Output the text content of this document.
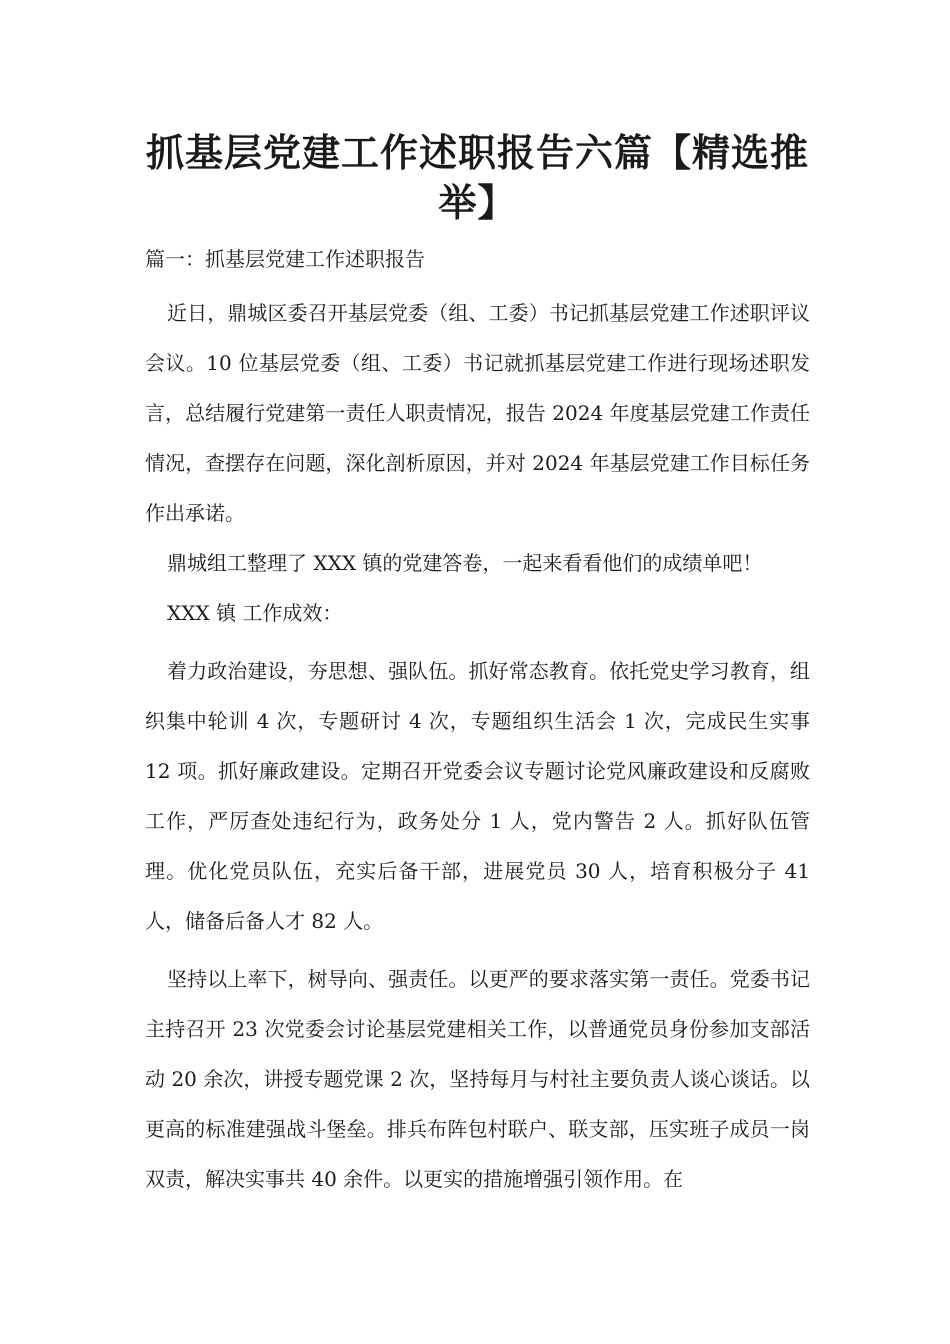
抓基层党建工作述职报告六篇【精选推举】

篇一：抓基层党建工作述职报告

近日，鼎城区委召开基层党委（组、工委）书记抓基层党建工作述职评议会议。10 位基层党委（组、工委）书记就抓基层党建工作进行现场述职发言，总结履行党建第一责任人职责情况，报告 2024 年度基层党建工作责任情况，查摆存在问题，深化剖析原因，并对 2024 年基层党建工作目标任务作出承诺。

鼎城组工整理了 XXX 镇的党建答卷，一起来看看他们的成绩单吧！

XXX 镇 工作成效：

着力政治建设，夯思想、强队伍。抓好常态教育。依托党史学习教育，组织集中轮训 4 次，专题研讨 4 次，专题组织生活会 1 次，完成民生实事 12 项。抓好廉政建设。定期召开党委会议专题讨论党风廉政建设和反腐败工作，严厉查处违纪行为，政务处分 1 人，党内警告 2 人。抓好队伍管理。优化党员队伍，充实后备干部，进展党员 30 人，培育积极分子 41 人，储备后备人才 82 人。

坚持以上率下，树导向、强责任。以更严的要求落实第一责任。党委书记主持召开 23 次党委会讨论基层党建相关工作，以普通党员身份参加支部活动 20 余次，讲授专题党课 2 次，坚持每月与村社主要负责人谈心谈话。以更高的标准建强战斗堡垒。排兵布阵包村联户、联支部，压实班子成员一岗双责，解决实事共 40 余件。以更实的措施增强引领作用。在
